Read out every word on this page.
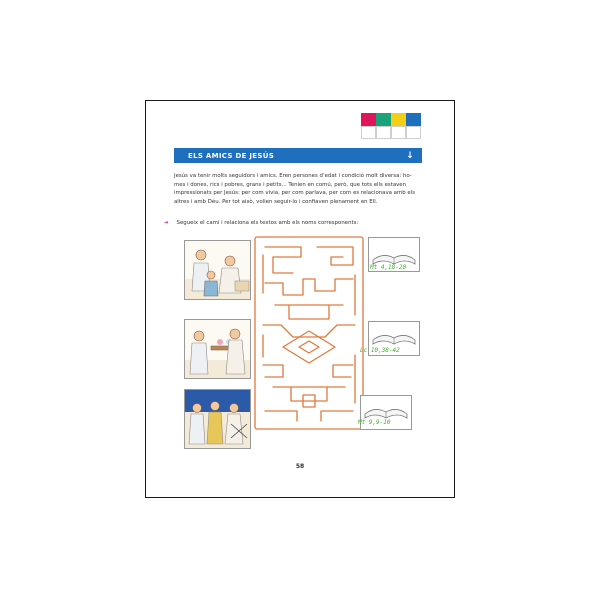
ELS AMICS DE JESÚS	↓
Jesús va tenir molts seguidors i amics. Eren persones d’edat i condició molt diversa: ho-
mes i dones, rics i pobres, grans i petits... Tenien en comú, però, que tots ells estaven
impressionats per Jesús: per com vivia, per com parlava, per com es relacionava amb els
altres i amb Déu. Per tot això, volien seguir-lo i confiaven plenament en Ell.
➔ Segueix el camí i relaciona els textos amb els noms corresponents:
Mt 4,18-20
Lc 10,38-42
Mt 9,9-10
58
